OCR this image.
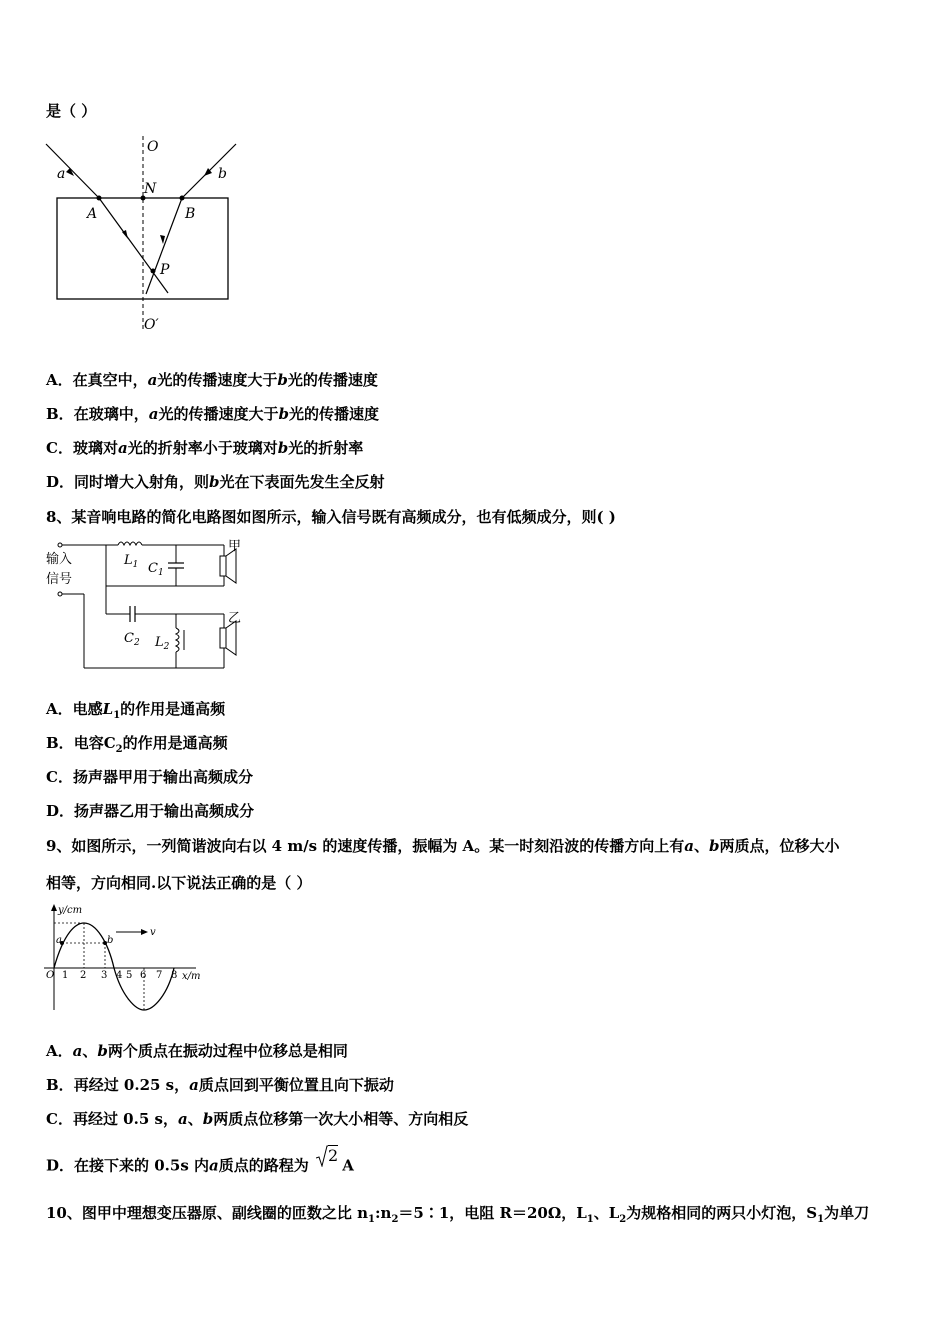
是（ ）
O
N
a	b
A	B
P
O′
A．在真空中，a光的传播速度大于b光的传播速度
B．在玻璃中，a光的传播速度大于b光的传播速度
C．玻璃对a光的折射率小于玻璃对b光的折射率
D．同时增大入射角，则b光在下表面先发生全反射
8、某音响电路的简化电路图如图所示，输入信号既有高频成分，也有低频成分，则( )
输入
信号
甲
乙
$L_1$ $C_1$
$C_2$ $L_2$
A．电感$L_1$的作用是通高频
B．电容$C_2$的作用是通高频
C．扬声器甲用于输出高频成分
D．扬声器乙用于输出高频成分
9、如图所示，一列简谐波向右以 4 m/s 的速度传播，振幅为 A。某一时刻沿波的传播方向上有a、b两质点，位移大小
相等，方向相同.以下说法正确的是（ ）
y/cm
x/m
O
a	b
v
1 2 3 4 5 6 7 8
A．a、b两个质点在振动过程中位移总是相同
B．再经过 0.25 s，a质点回到平衡位置且向下振动
C．再经过 0.5 s，a、b两质点位移第一次大小相等、方向相反
D．在接下来的 0.5s 内a质点的路程为 2A
10、图甲中理想变压器原、副线圈的匝数之比 $n_1:n_2=5∶1$，电阻 R＝20Ω，$L_1$、$L_2$为规格相同的两只小灯泡，$S_1$为单刀
